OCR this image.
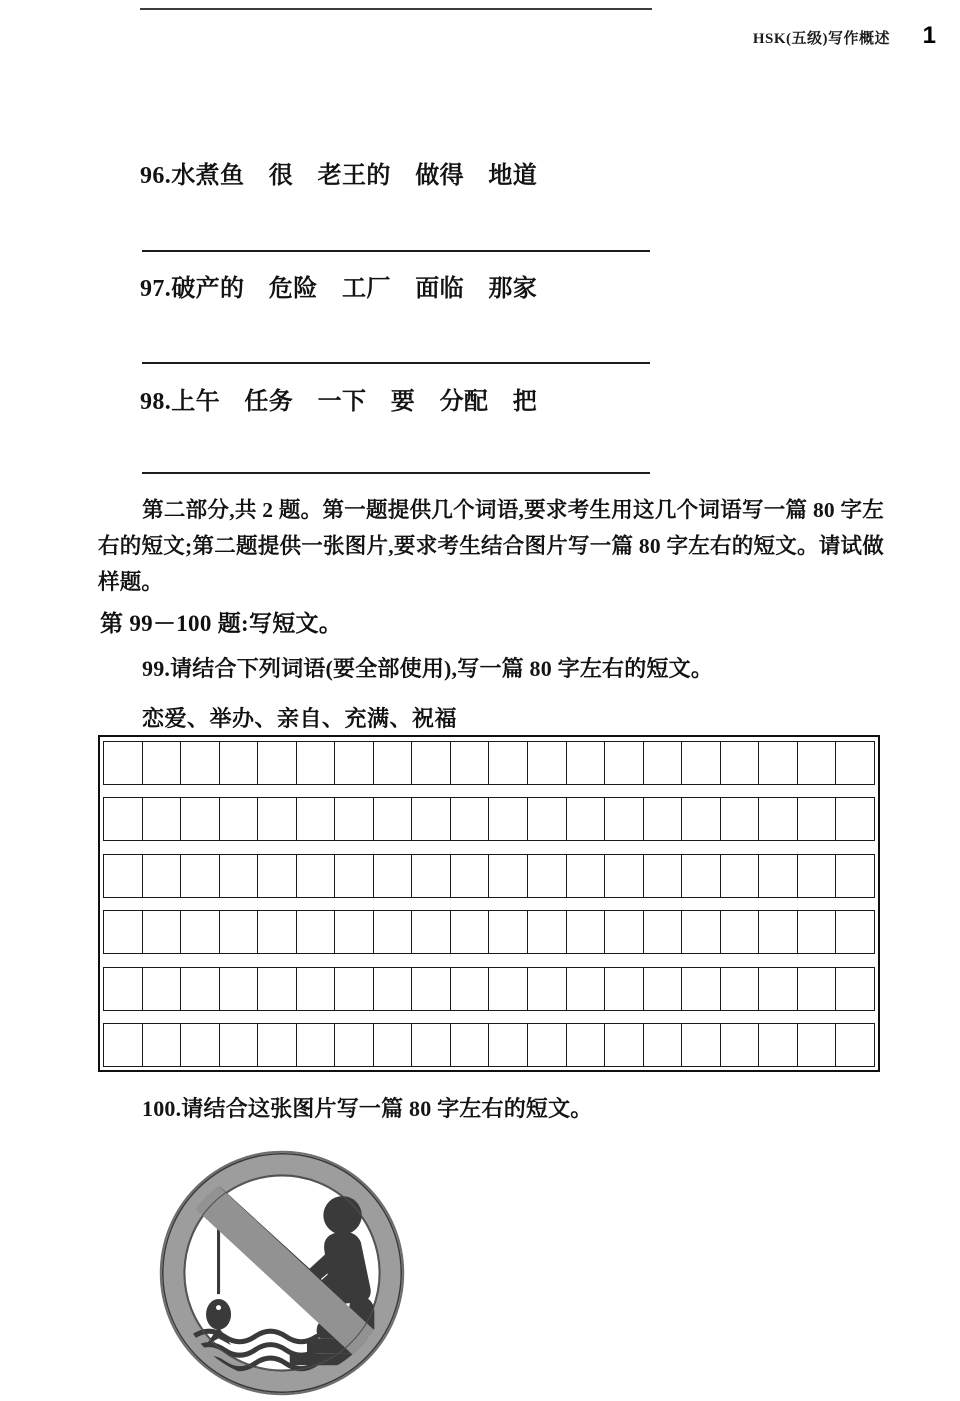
HSK(五级)写作概述 1
96.水煮鱼　很　老王的　做得　地道
97.破产的　危险　工厂　面临　那家
98.上午　任务　一下　要　分配　把
第二部分,共 2 题。第一题提供几个词语,要求考生用这几个词语写一篇 80 字左右的短文;第二题提供一张图片,要求考生结合图片写一篇 80 字左右的短文。请试做样题。
第 99－100 题:写短文。
99.请结合下列词语(要全部使用),写一篇 80 字左右的短文。
恋爱、举办、亲自、充满、祝福
100.请结合这张图片写一篇 80 字左右的短文。
